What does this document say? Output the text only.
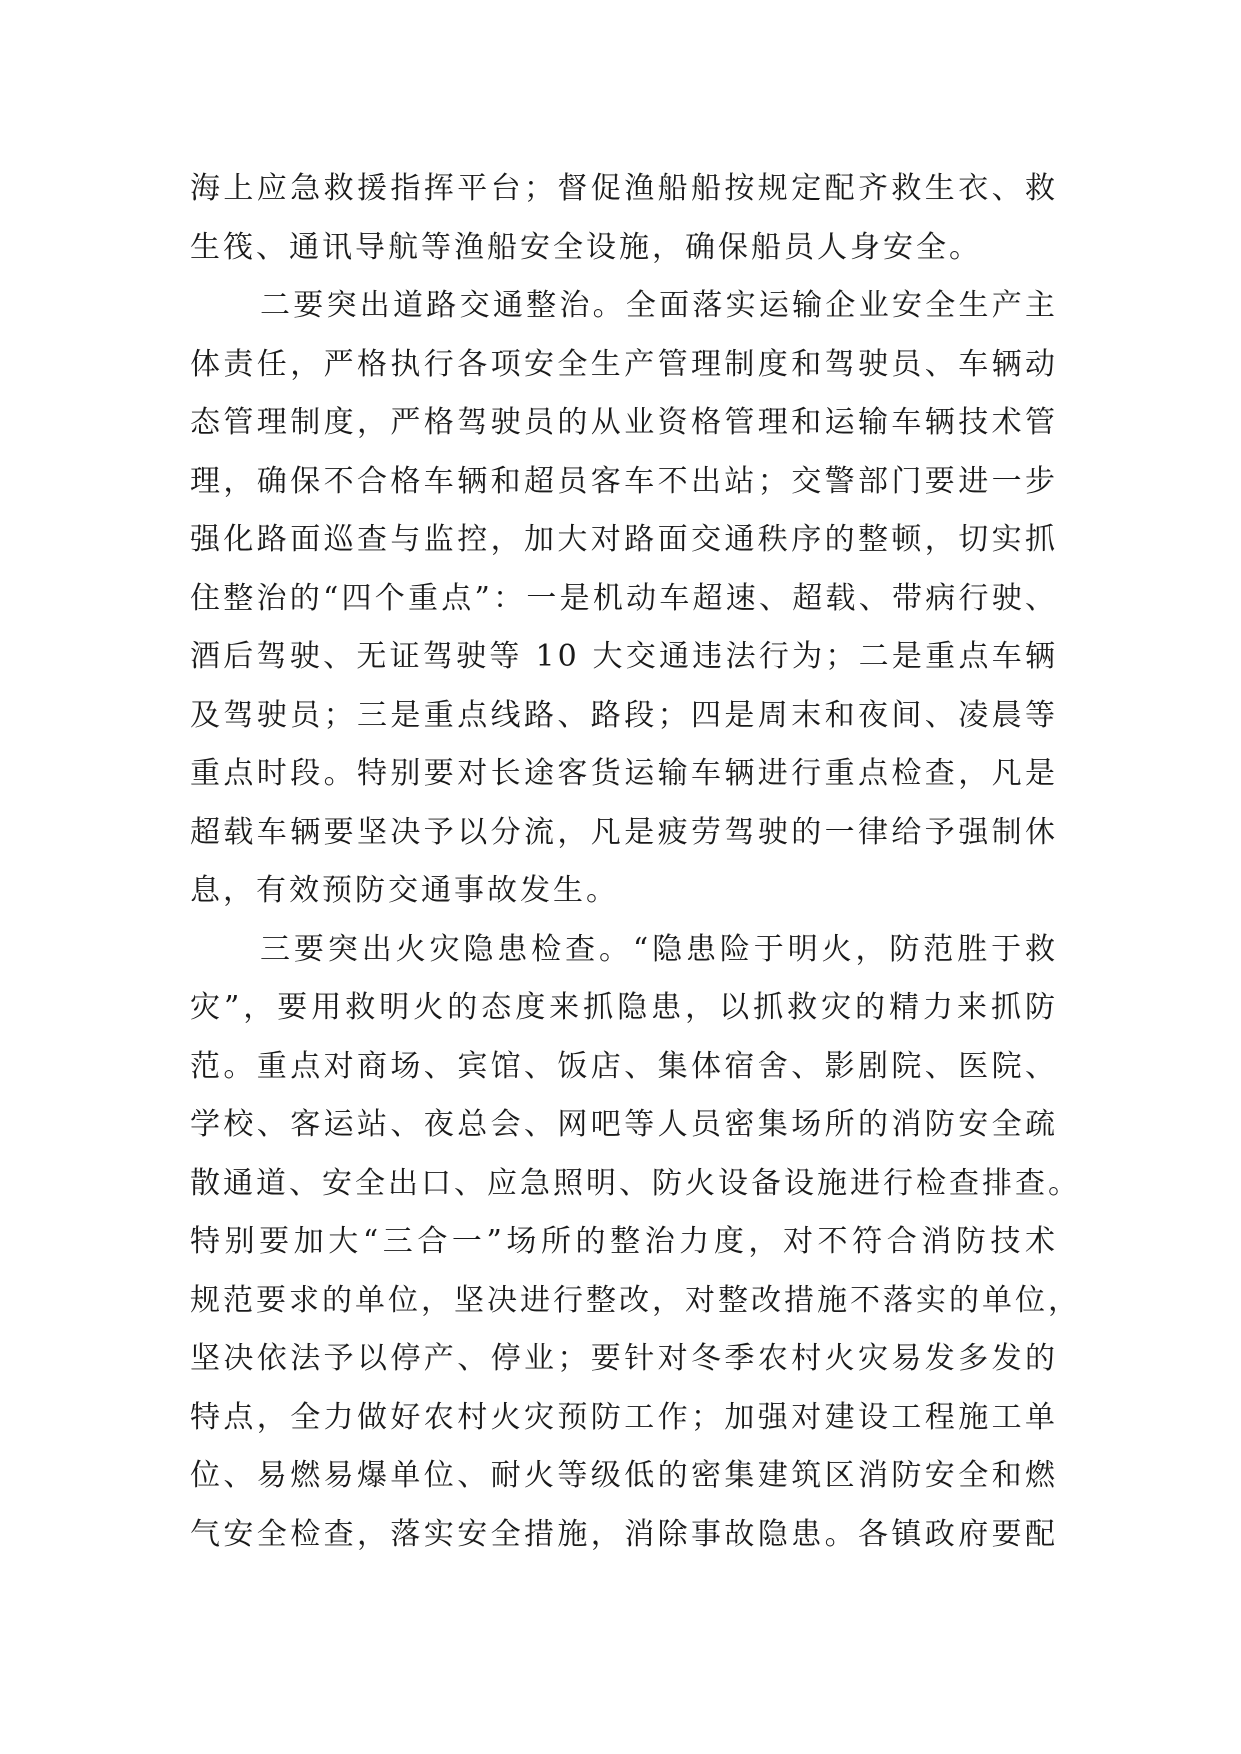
海上应急救援指挥平台；督促渔船船按规定配齐救生衣、救
生筏、通讯导航等渔船安全设施，确保船员人身安全。
二要突出道路交通整治。全面落实运输企业安全生产主
体责任，严格执行各项安全生产管理制度和驾驶员、车辆动
态管理制度，严格驾驶员的从业资格管理和运输车辆技术管
理，确保不合格车辆和超员客车不出站；交警部门要进一步
强化路面巡查与监控，加大对路面交通秩序的整顿，切实抓
住整治的“四个重点”：一是机动车超速、超载、带病行驶、
酒后驾驶、无证驾驶等 10 大交通违法行为；二是重点车辆
及驾驶员；三是重点线路、路段；四是周末和夜间、凌晨等
重点时段。特别要对长途客货运输车辆进行重点检查，凡是
超载车辆要坚决予以分流，凡是疲劳驾驶的一律给予强制休
息，有效预防交通事故发生。
三要突出火灾隐患检查。“隐患险于明火，防范胜于救
灾”，要用救明火的态度来抓隐患，以抓救灾的精力来抓防
范。重点对商场、宾馆、饭店、集体宿舍、影剧院、医院、
学校、客运站、夜总会、网吧等人员密集场所的消防安全疏
散通道、安全出口、应急照明、防火设备设施进行检查排查。
特别要加大“三合一”场所的整治力度，对不符合消防技术
规范要求的单位，坚决进行整改，对整改措施不落实的单位，
坚决依法予以停产、停业；要针对冬季农村火灾易发多发的
特点，全力做好农村火灾预防工作；加强对建设工程施工单
位、易燃易爆单位、耐火等级低的密集建筑区消防安全和燃
气安全检查，落实安全措施，消除事故隐患。各镇政府要配
